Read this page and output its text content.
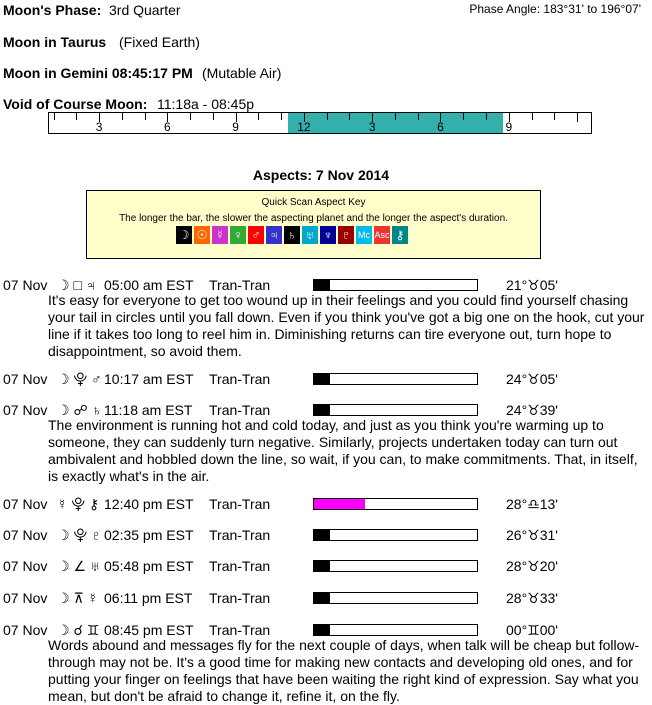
Moon's Phase: 3rd Quarter	Phase Angle: 183°31' to 196°07'
Moon in Taurus (Fixed Earth)
Moon in Gemini 08:45:17 PM (Mutable Air)
Void of Course Moon: 11:18a - 08:45p
3	6	9	12	3	6	9
Aspects: 7 Nov 2014
Quick Scan Aspect Key
The longer the bar, the slower the aspecting planet and the longer the aspect's duration.
☽ ☉ ☿ ♀ ♂ ♃ ♄ ♅ ♆ ♇ Mc Asc ⚷
07 Nov ☽ □ ♃ 05:00 am EST Tran-Tran	21°♉05'
It's easy for everyone to get too wound up in their feelings and you could find yourself chasing your tail in circles until you fall down. Even if you think you've got a big one on the hook, cut your line if it takes too long to reel him in. Diminishing returns can tire everyone out, turn hope to disappointment, so avoid them.
07 Nov ☽ ⯓ ♂ 10:17 am EST Tran-Tran	24°♉05'
07 Nov ☽ ☍ ♄ 11:18 am EST Tran-Tran	24°♉39'
The environment is running hot and cold today, and just as you think you're warming up to someone, they can suddenly turn negative. Similarly, projects undertaken today can turn out ambivalent and hobbled down the line, so wait, if you can, to make commitments. That, in itself, is exactly what's in the air.
07 Nov ☿ ⯓ ⚷ 12:40 pm EST Tran-Tran	28°♎13'
07 Nov ☽ ⯓ ♇ 02:35 pm EST Tran-Tran	26°♉31'
07 Nov ☽ ∠ ♅ 05:48 pm EST Tran-Tran	28°♉20'
07 Nov ☽ ⊼ ☿ 06:11 pm EST Tran-Tran	28°♉33'
07 Nov ☽ ☌ ♊ 08:45 pm EST Tran-Tran	00°♊00'
Words abound and messages fly for the next couple of days, when talk will be cheap but follow-through may not be. It's a good time for making new contacts and developing old ones, and for putting your finger on feelings that have been waiting the right kind of expression. Say what you mean, but don't be afraid to change it, refine it, on the fly.
